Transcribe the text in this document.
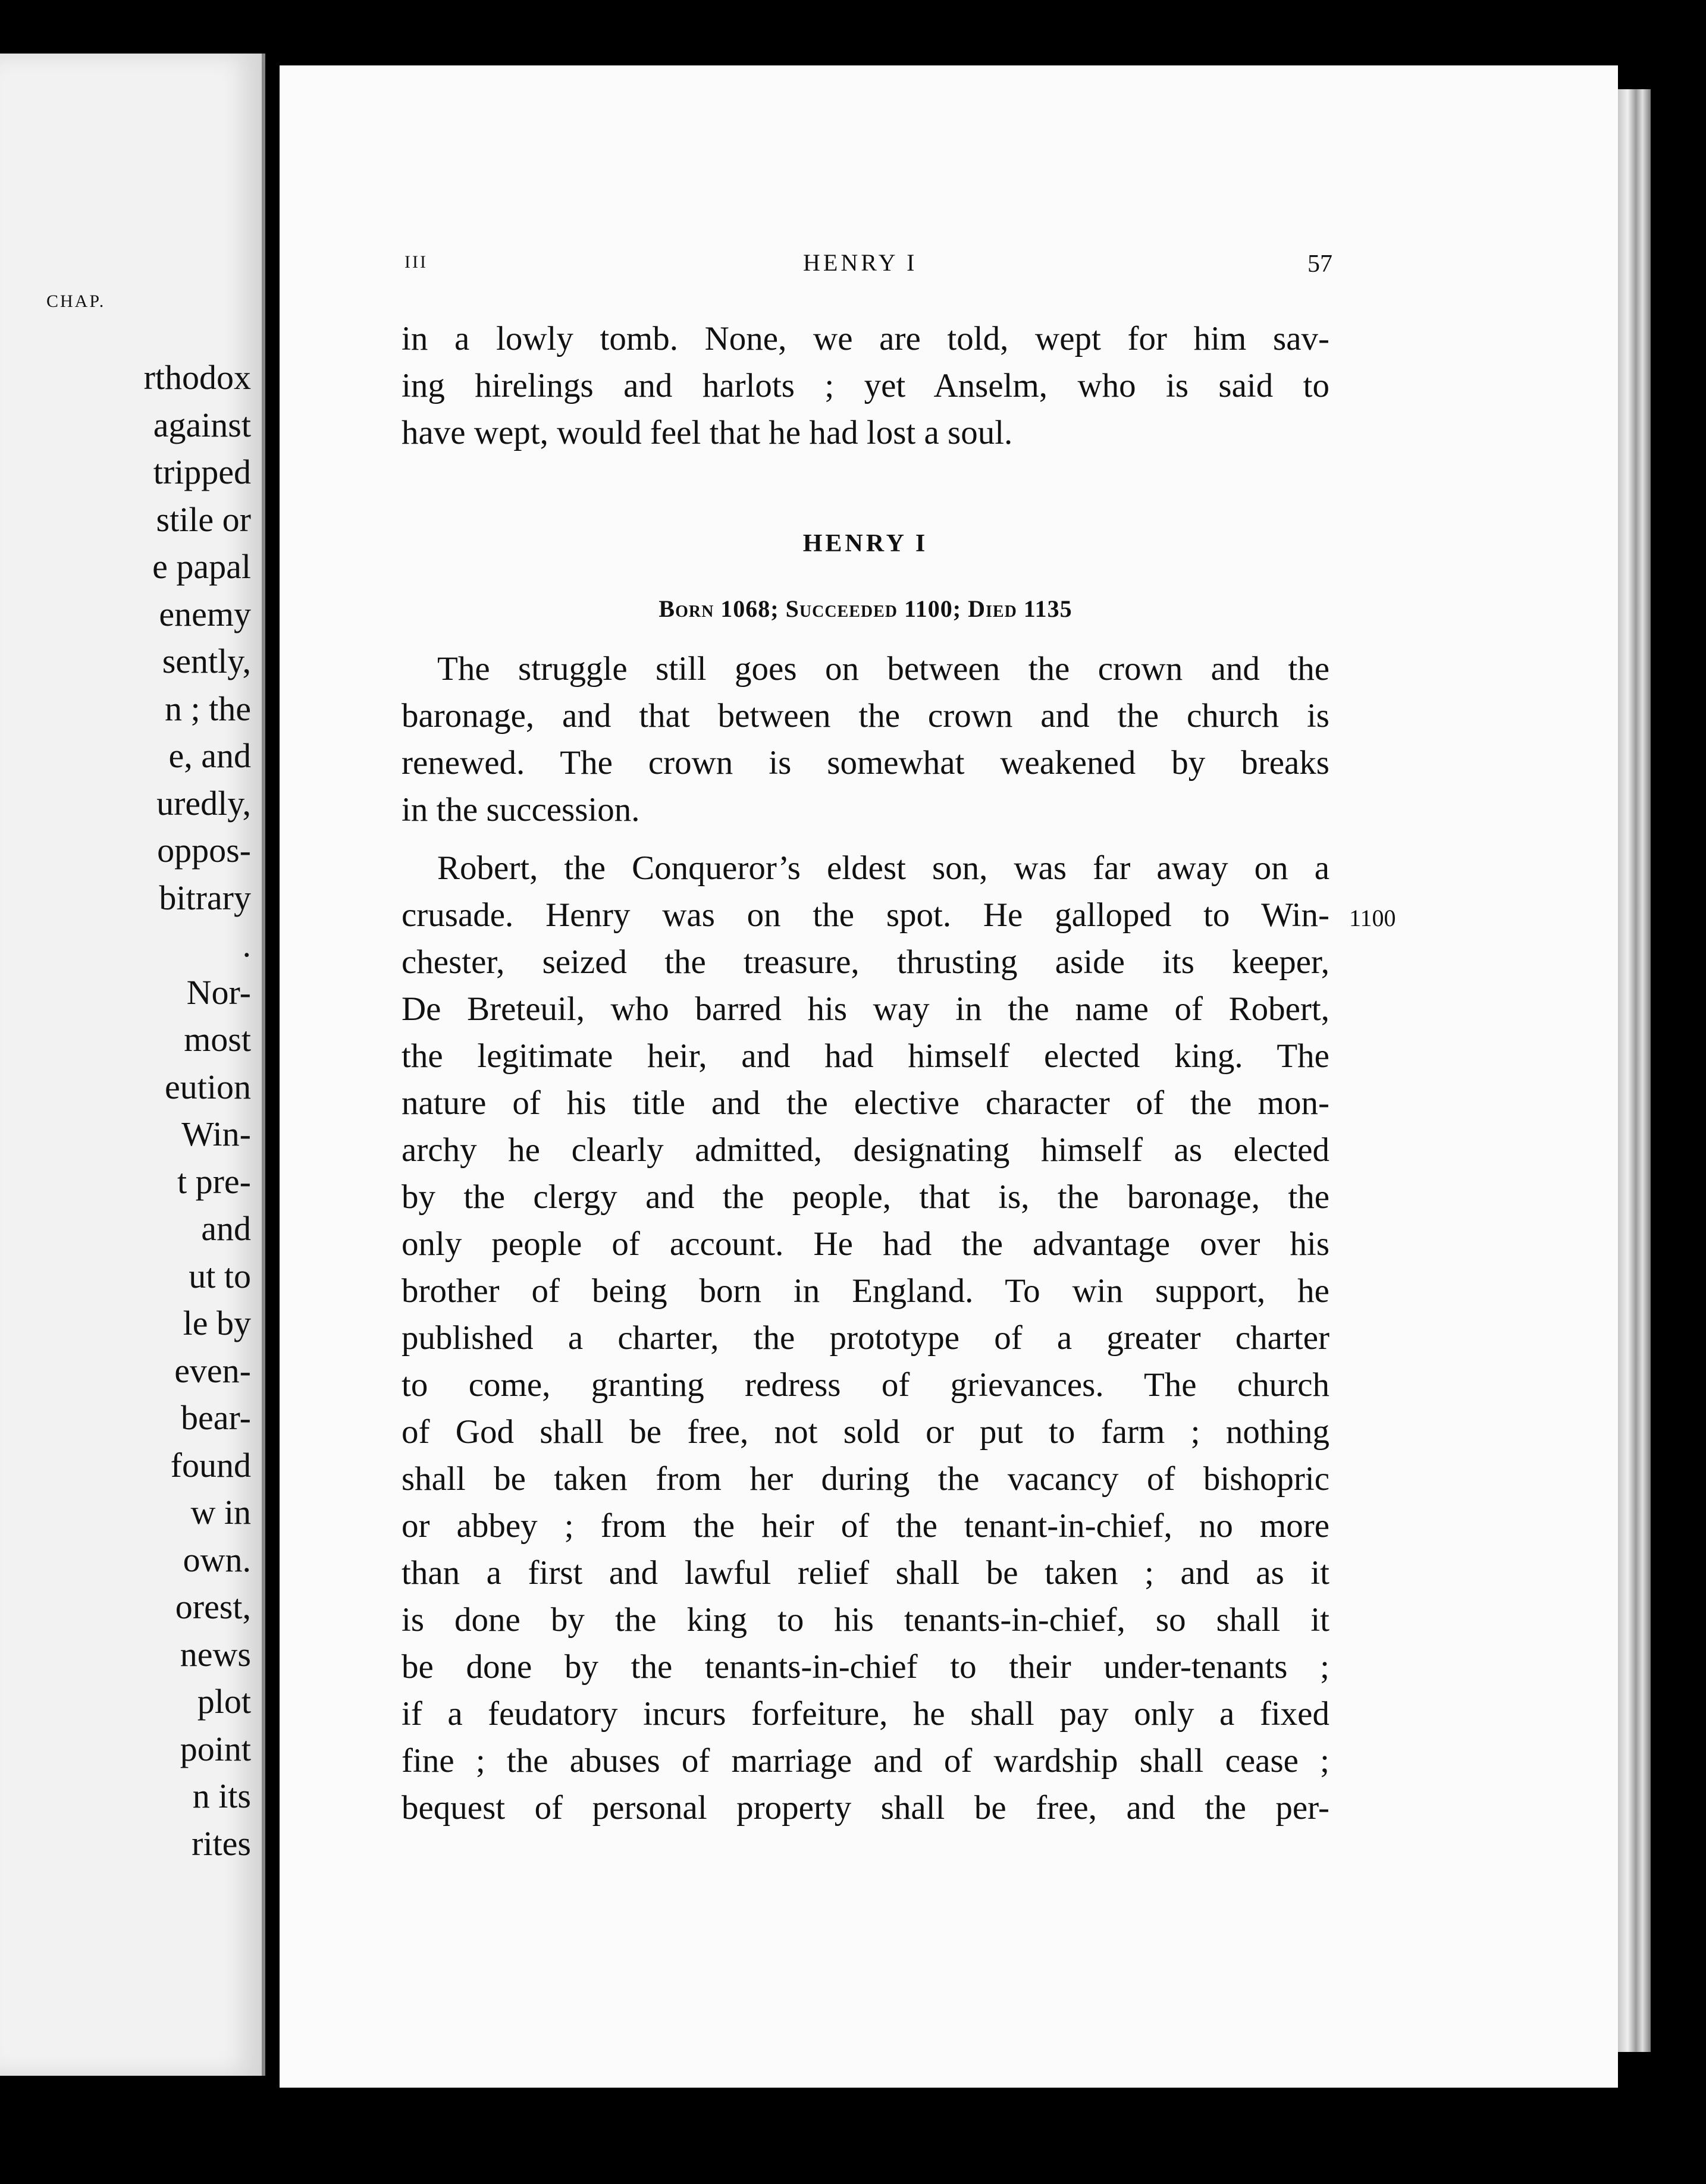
CHAP.
rthodox
against
tripped
stile or
e papal
enemy
sently,
n ; the
e, and
uredly,
oppos-
bitrary
.
Nor-
most
eution
Win-
t pre-
and
ut to
le by
even-
bear-
found
w in
own.
orest,
news
plot
point
n its
rites
III	HENRY I	57
in a lowly tomb. None, we are told, wept for him sav-
ing hirelings and harlots ; yet Anselm, who is said to
have wept, would feel that he had lost a soul.
HENRY I
Born 1068; Succeeded 1100; Died 1135
The struggle still goes on between the crown and the
baronage, and that between the crown and the church is
renewed. The crown is somewhat weakened by breaks
in the succession.
Robert, the Conqueror’s eldest son, was far away on a
crusade. Henry was on the spot. He galloped to Win-
chester, seized the treasure, thrusting aside its keeper,
De Breteuil, who barred his way in the name of Robert,
the legitimate heir, and had himself elected king. The
nature of his title and the elective character of the mon-
archy he clearly admitted, designating himself as elected
by the clergy and the people, that is, the baronage, the
only people of account. He had the advantage over his
brother of being born in England. To win support, he
published a charter, the prototype of a greater charter
to come, granting redress of grievances. The church
of God shall be free, not sold or put to farm ; nothing
shall be taken from her during the vacancy of bishopric
or abbey ; from the heir of the tenant-in-chief, no more
than a first and lawful relief shall be taken ; and as it
is done by the king to his tenants-in-chief, so shall it
be done by the tenants-in-chief to their under-tenants ;
if a feudatory incurs forfeiture, he shall pay only a fixed
fine ; the abuses of marriage and of wardship shall cease ;
bequest of personal property shall be free, and the per-
1100
